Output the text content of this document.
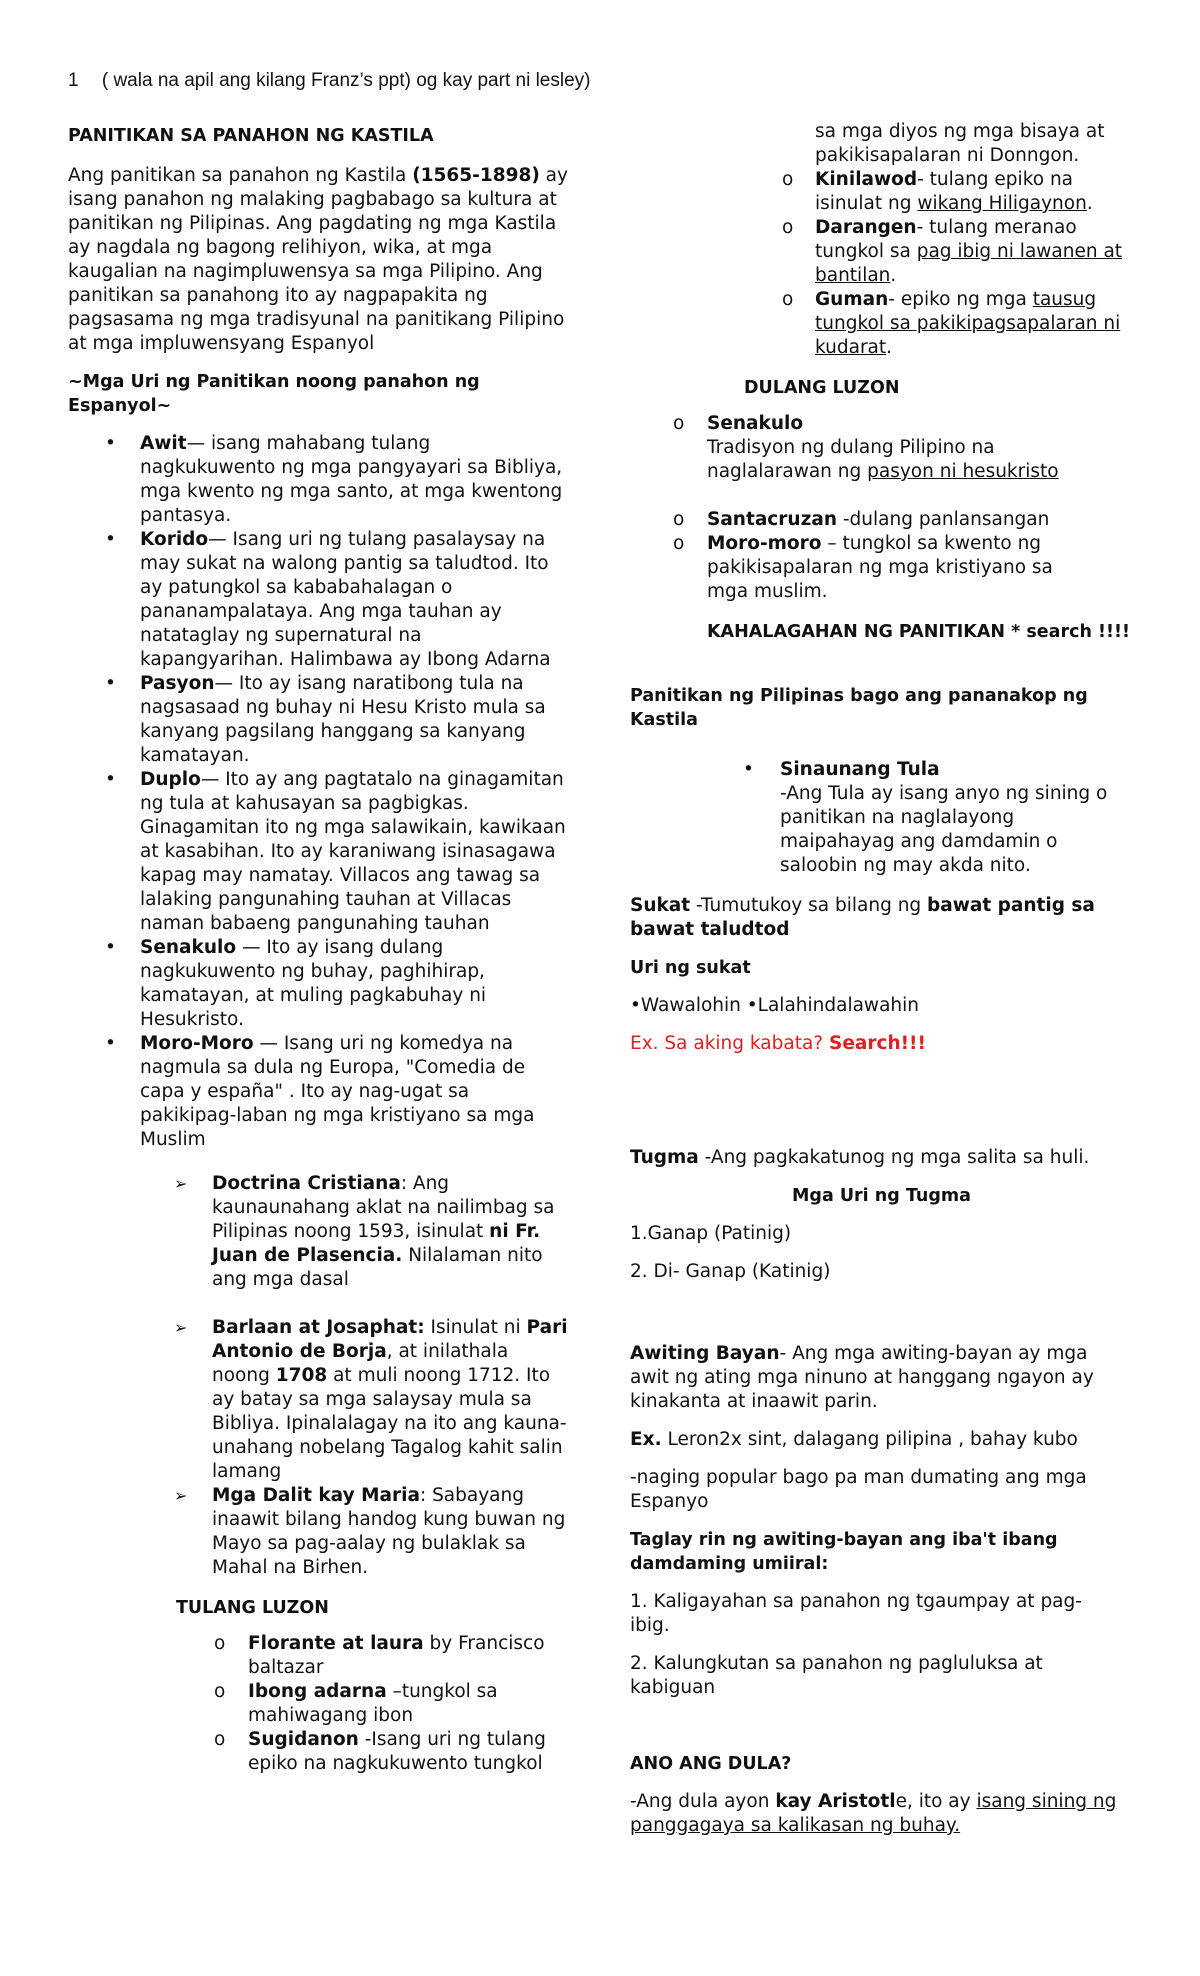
1 ( wala na apil ang kilang Franz’s ppt) og kay part ni lesley)

PANITIKAN SA PANAHON NG KASTILA

Ang panitikan sa panahon ng Kastila (1565-1898) ay isang panahon ng malaking pagbabago sa kultura at panitikan ng Pilipinas. Ang pagdating ng mga Kastila ay nagdala ng bagong relihiyon, wika, at mga kaugalian na nagimpluwensya sa mga Pilipino. Ang panitikan sa panahong ito ay nagpapakita ng pagsasama ng mga tradisyunal na panitikang Pilipino at mga impluwensyang Espanyol

~Mga Uri ng Panitikan noong panahon ng Espanyol~

• Awit— isang mahabang tulang nagkukuwento ng mga pangyayari sa Bibliya, mga kwento ng mga santo, at mga kwentong pantasya.
• Korido— Isang uri ng tulang pasalaysay na may sukat na walong pantig sa taludtod. Ito ay patungkol sa kababahalagan o pananampalataya. Ang mga tauhan ay natataglay ng supernatural na kapangyarihan. Halimbawa ay Ibong Adarna
• Pasyon— Ito ay isang naratibong tula na nagsasaad ng buhay ni Hesu Kristo mula sa kanyang pagsilang hanggang sa kanyang kamatayan.
• Duplo— Ito ay ang pagtatalo na ginagamitan ng tula at kahusayan sa pagbigkas. Ginagamitan ito ng mga salawikain, kawikaan at kasabihan. Ito ay karaniwang isinasagawa kapag may namatay. Villacos ang tawag sa lalaking pangunahing tauhan at Villacas naman babaeng pangunahing tauhan
• Senakulo — Ito ay isang dulang nagkukuwento ng buhay, paghihirap, kamatayan, at muling pagkabuhay ni Hesukristo.
• Moro-Moro — Isang uri ng komedya na nagmula sa dula ng Europa, "Comedia de capa y españa" . Ito ay nag-ugat sa pakikipag-laban ng mga kristiyano sa mga Muslim
➢ Doctrina Cristiana: Ang kaunaunahang aklat na nailimbag sa Pilipinas noong 1593, isinulat ni Fr. Juan de Plasencia. Nilalaman nito ang mga dasal
➢ Barlaan at Josaphat: Isinulat ni Pari Antonio de Borja, at inilathala noong 1708 at muli noong 1712. Ito ay batay sa mga salaysay mula sa Bibliya. Ipinalalagay na ito ang kauna-unahang nobelang Tagalog kahit salin lamang
➢ Mga Dalit kay Maria: Sabayang inaawit bilang handog kung buwan ng Mayo sa pag-aalay ng bulaklak sa Mahal na Birhen.

TULANG LUZON

o Florante at laura by Francisco baltazar
o Ibong adarna –tungkol sa mahiwagang ibon
o Sugidanon -Isang uri ng tulang epiko na nagkukuwento tungkol
sa mga diyos ng mga bisaya at pakikisapalaran ni Donngon.
o Kinilawod- tulang epiko na isinulat ng wikang Hiligaynon.
o Darangen- tulang meranao tungkol sa pag ibig ni lawanen at bantilan.
o Guman- epiko ng mga tausug tungkol sa pakikipagsapalaran ni kudarat.

DULANG LUZON

o Senakulo
Tradisyon ng dulang Pilipino na naglalarawan ng pasyon ni hesukristo
o Santacruzan -dulang panlansangan
o Moro-moro – tungkol sa kwento ng pakikisapalaran ng mga kristiyano sa mga muslim.

KAHALAGAHAN NG PANITIKAN * search !!!!

Panitikan ng Pilipinas bago ang pananakop ng Kastila

• Sinaunang Tula
-Ang Tula ay isang anyo ng sining o panitikan na naglalayong maipahayag ang damdamin o saloobin ng may akda nito.

Sukat -Tumutukoy sa bilang ng bawat pantig sa bawat taludtod

Uri ng sukat

•Wawalohin •Lalahindalawahin

Ex. Sa aking kabata? Search!!!

Tugma -Ang pagkakatunog ng mga salita sa huli.

Mga Uri ng Tugma

1.Ganap (Patinig)

2. Di- Ganap (Katinig)

Awiting Bayan- Ang mga awiting-bayan ay mga awit ng ating mga ninuno at hanggang ngayon ay kinakanta at inaawit parin.

Ex. Leron2x sint, dalagang pilipina , bahay kubo

-naging popular bago pa man dumating ang mga Espanyo

Taglay rin ng awiting-bayan ang iba't ibang damdaming umiiral:

1. Kaligayahan sa panahon ng tgaumpay at pag-ibig.

2. Kalungkutan sa panahon ng pagluluksa at kabiguan

ANO ANG DULA?

-Ang dula ayon kay Aristotle, ito ay isang sining ng panggagaya sa kalikasan ng buhay.
